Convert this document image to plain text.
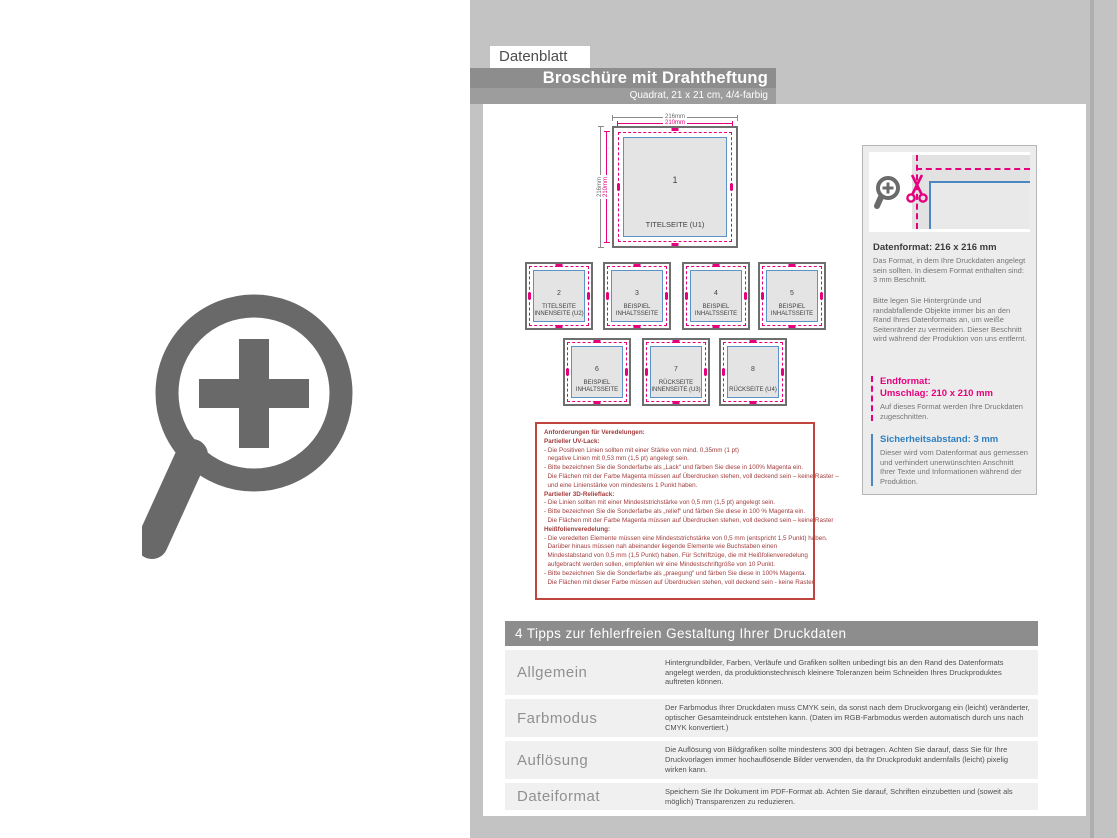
Datenblatt
Broschüre mit Drahtheftung
Quadrat, 21 x 21 cm, 4/4-farbig
216mm
210mm
216mm 210mm	1
TITELSEITE (U1)
2
TITELSEITE
INNENSEITE (U2)
3
BEISPIEL
INHALTSSEITE
4
BEISPIEL
INHALTSSEITE
5
BEISPIEL
INHALTSSEITE
6
BEISPIEL
INHALTSSEITE
7
RÜCKSEITE
INNENSEITE (U3)
8
RÜCKSEITE (U4)
Anforderungen für Veredelungen:
Partieller UV-Lack:
- Die Positiven Linien sollten mit einer Stärke von mind. 0,35mm (1 pt)
negative Linien mit 0,53 mm (1,5 pt) angelegt sein.
- Bitte bezeichnen Sie die Sonderfarbe als „Lack“ und färben Sie diese in 100% Magenta ein.
Die Flächen mit der Farbe Magenta müssen auf Überdrucken stehen, voll deckend sein – keine Raster –
und eine Linienstärke von mindestens 1 Punkt haben.
Partieller 3D-Relieflack:
- Die Linien sollten mit einer Mindeststrichstärke von 0,5 mm (1,5 pt) angelegt sein.
- Bitte bezeichnen Sie die Sonderfarbe als „relief“ und färben Sie diese in 100 % Magenta ein.
Die Flächen mit der Farbe Magenta müssen auf Überdrucken stehen, voll deckend sein – keine Raster
Heißfolienveredelung:
- Die veredelten Elemente müssen eine Mindeststrichstärke von 0,5 mm (entspricht 1,5 Punkt) haben.
Darüber hinaus müssen nah abeinander liegende Elemente wie Buchstaben einen
Mindestabstand von 0,5 mm (1,5 Punkt) haben. Für Schriftzüge, die mit Heißfolienveredelung
aufgebracht werden sollen, empfehlen wir eine Mindestschriftgröße von 10 Punkt.
- Bitte bezeichnen Sie die Sonderfarbe als „praegung“ und färben Sie diese in 100% Magenta.
Die Flächen mit dieser Farbe müssen auf Überdrucken stehen, voll deckend sein - keine Raster
Datenformat: 216 x 216 mm
Das Format, in dem Ihre Druckdaten angelegt sein sollten. In diesem Format enthalten sind: 3 mm Beschnitt.
Bitte legen Sie Hintergründe und randabfallende Objekte immer bis an den Rand Ihres Datenformats an, um weiße Seitenränder zu vermeiden. Dieser Beschnitt wird während der Produktion von uns entfernt.
Endformat:
Umschlag: 210 x 210 mm
Auf dieses Format werden Ihre Druckdaten zugeschnitten.
Sicherheitsabstand: 3 mm
Dieser wird vom Datenformat aus gemessen und verhindert unerwünschten Anschnitt Ihrer Texte und Informationen während der Produktion.
4 Tipps zur fehlerfreien Gestaltung Ihrer Druckdaten
Allgemein
Hintergrundbilder, Farben, Verläufe und Grafiken sollten unbedingt bis an den Rand des Datenformats angelegt werden, da produktionstechnisch kleinere Toleranzen beim Schneiden Ihres Druckproduktes auftreten können.
Farbmodus
Der Farbmodus Ihrer Druckdaten muss CMYK sein, da sonst nach dem Druckvorgang ein (leicht) veränderter, optischer Gesamteindruck entstehen kann. (Daten im RGB-Farbmodus werden automatisch durch uns nach CMYK konvertiert.)
Auflösung
Die Auflösung von Bildgrafiken sollte mindestens 300 dpi betragen. Achten Sie darauf, dass Sie für Ihre Druckvorlagen immer hochauflösende Bilder verwenden, da Ihr Druckprodukt andernfalls (leicht) pixelig wirken kann.
Dateiformat	Speichern Sie Ihr Dokument im PDF-Format ab. Achten Sie darauf, Schriften einzubetten und (soweit als möglich) Transparenzen zu reduzieren.
